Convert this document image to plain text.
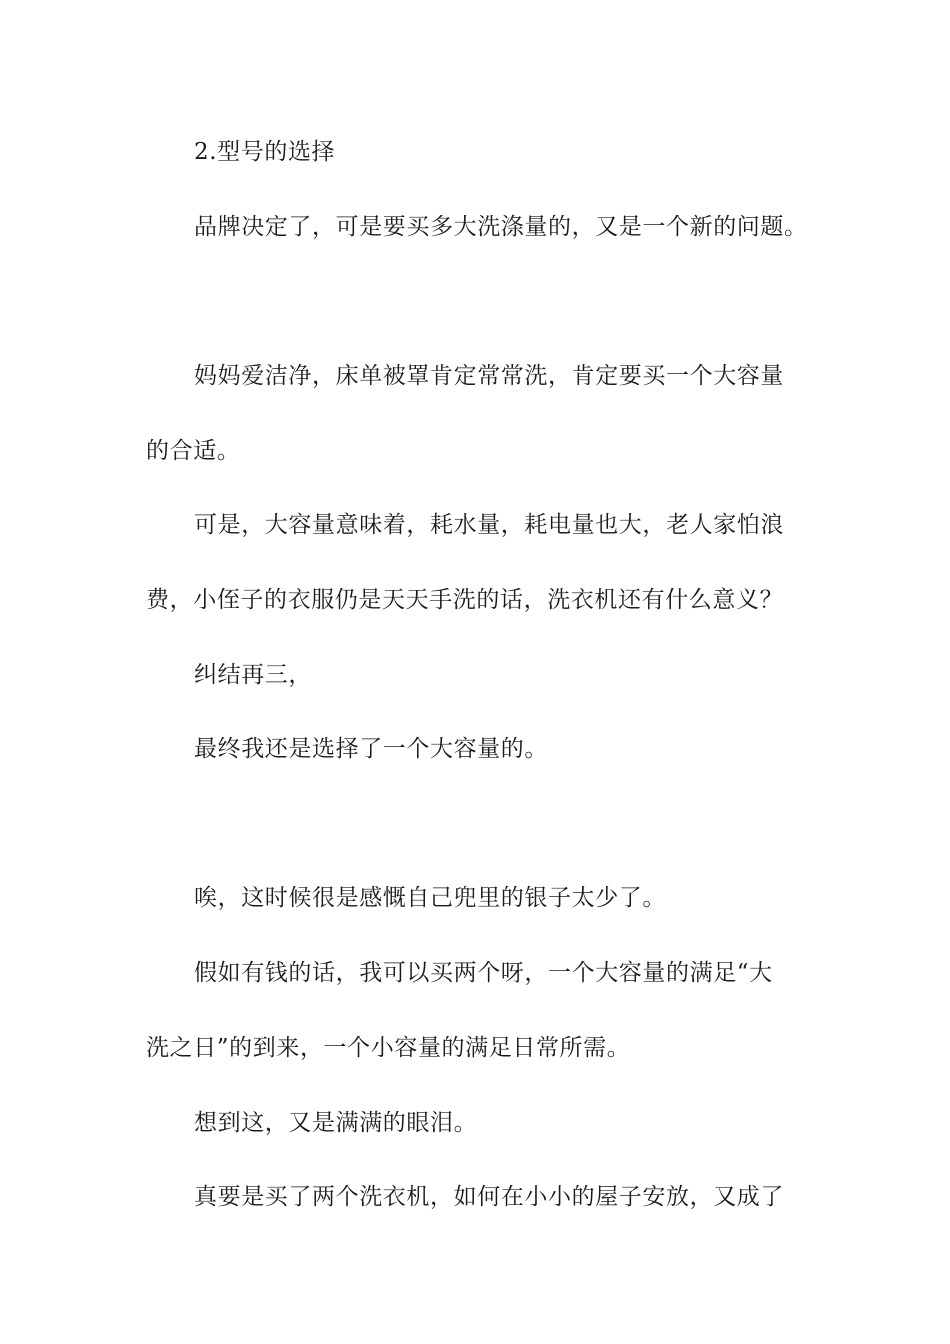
2.型号的选择
品牌决定了，可是要买多大洗涤量的，又是一个新的问题。
妈妈爱洁净，床单被罩肯定常常洗，肯定要买一个大容量
的合适。
可是，大容量意味着，耗水量，耗电量也大，老人家怕浪
费，小侄子的衣服仍是天天手洗的话，洗衣机还有什么意义？
纠结再三，
最终我还是选择了一个大容量的。
唉，这时候很是感慨自己兜里的银子太少了。
假如有钱的话，我可以买两个呀，一个大容量的满足“大
洗之日”的到来，一个小容量的满足日常所需。
想到这，又是满满的眼泪。
真要是买了两个洗衣机，如何在小小的屋子安放，又成了
